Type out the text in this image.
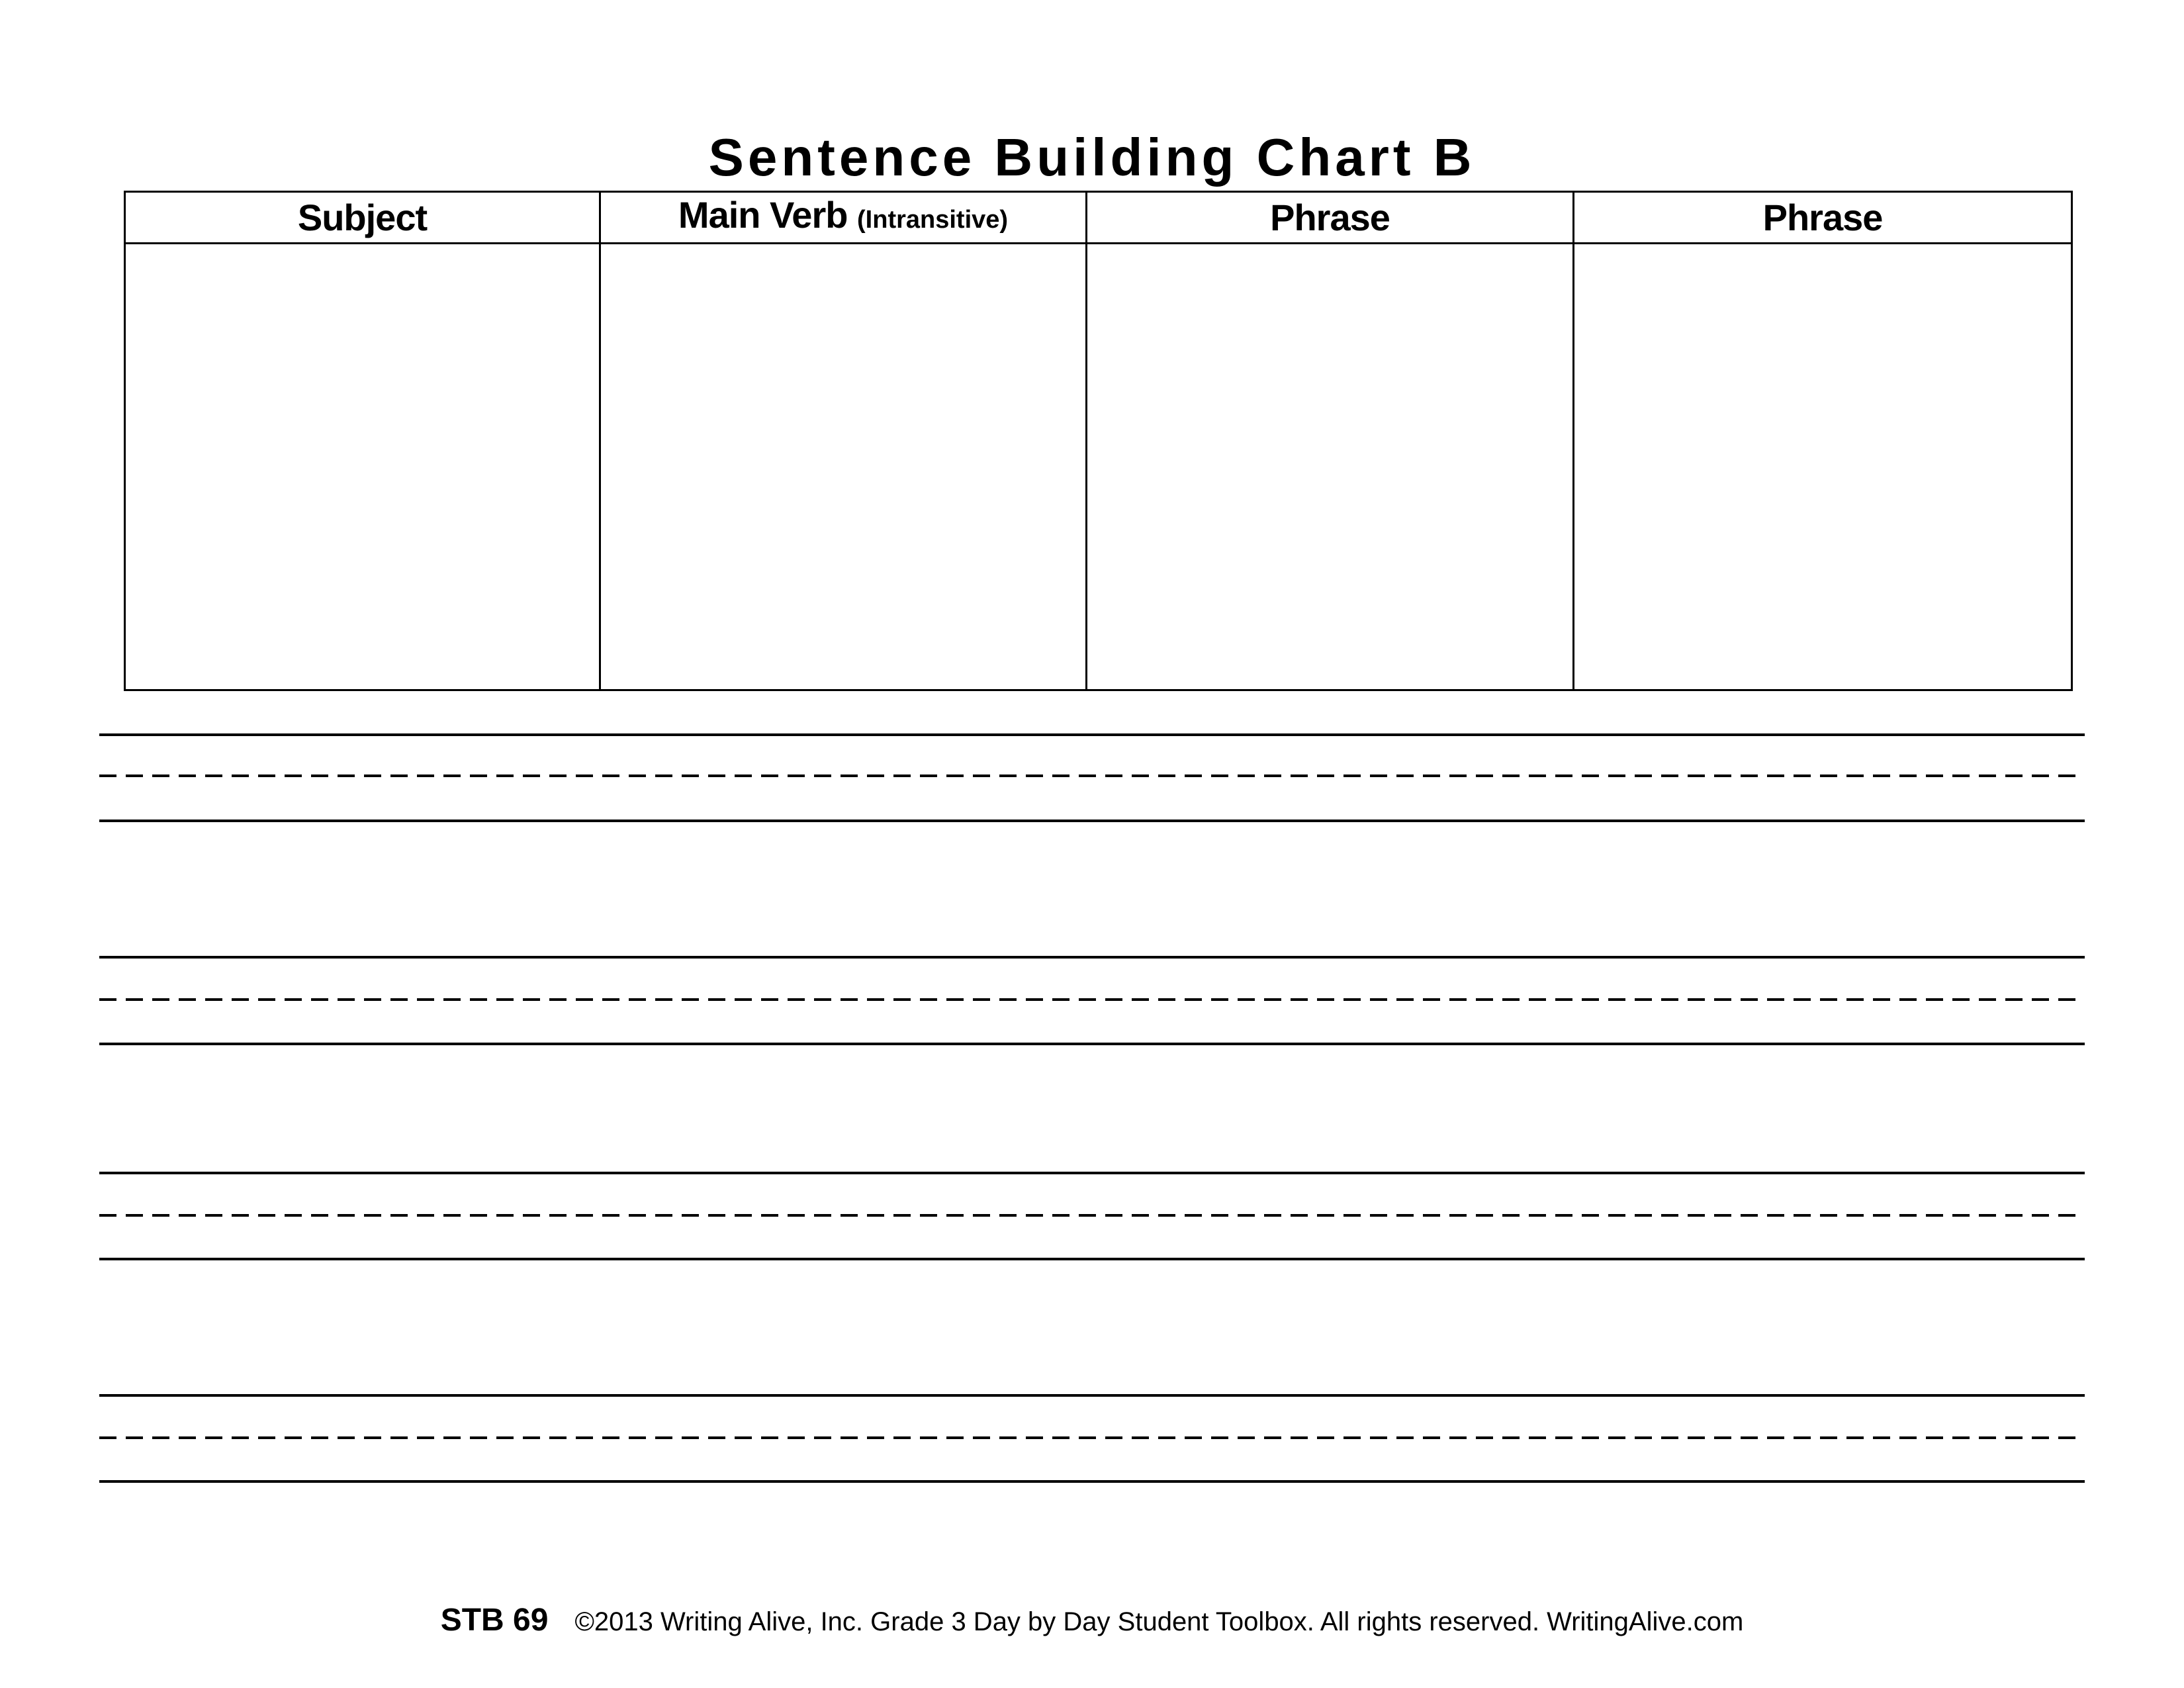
Sentence Building Chart B
Subject	Main Verb (Intransitive)	Phrase	Phrase

STB 69 ©2013 Writing Alive, Inc. Grade 3 Day by Day Student Toolbox. All rights reserved. WritingAlive.com
